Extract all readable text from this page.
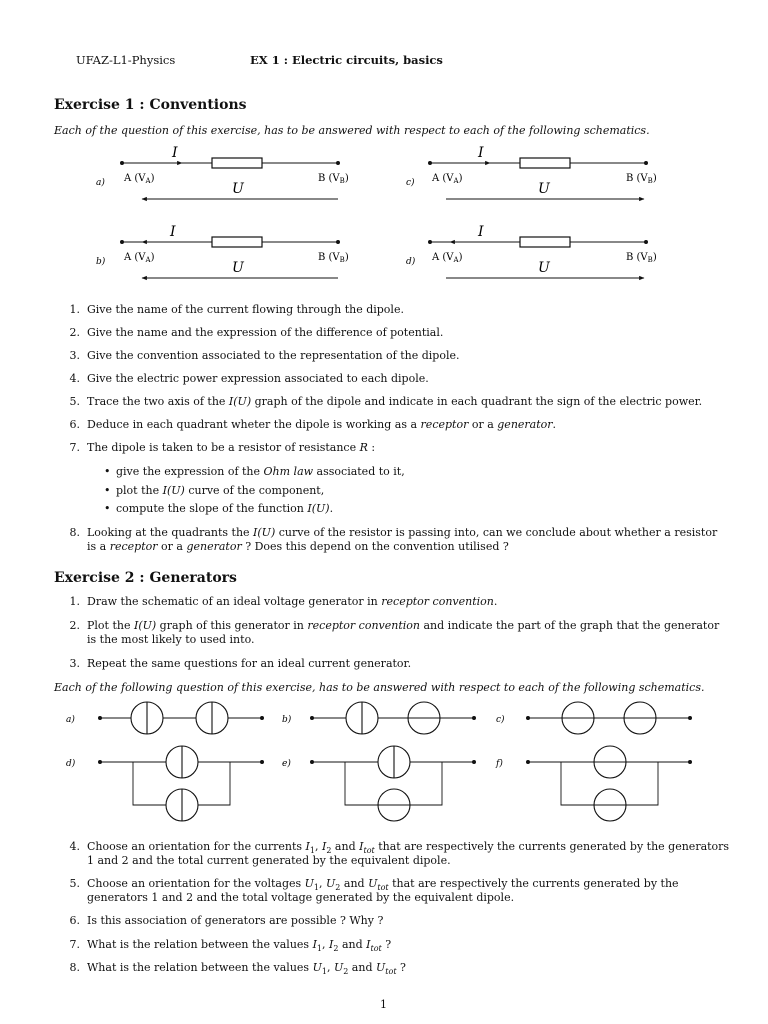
UFAZ-L1-Physics	EX 1 : Electric circuits, basics
Exercise 1 : Conventions
Each of the question of this exercise, has to be answered with respect to each of the following schematics.
a)
I
A $(V_A)$	B $(V_B)$
U	c)
I
A $(V_A)$	B $(V_B)$
U
b)
I
A $(V_A)$	B $(V_B)$
U	d)
I
A $(V_A)$	B $(V_B)$
U
1. Give the name of the current flowing through the dipole.
2. Give the name and the expression of the difference of potential.
3. Give the convention associated to the representation of the dipole.
4. Give the electric power expression associated to each dipole.
5. Trace the two axis of the I(U) graph of the dipole and indicate in each quadrant the sign of the electric power.
6. Deduce in each quadrant wheter the dipole is working as a receptor or a generator.
7. The dipole is taken to be a resistor of resistance R :
• give the expression of the Ohm law associated to it,
• plot the I(U) curve of the component,
• compute the slope of the function I(U).
8. Looking at the quadrants the I(U) curve of the resistor is passing into, can we conclude about whether a resistor
is a receptor or a generator ? Does this depend on the convention utilised ?
Exercise 2 : Generators
1. Draw the schematic of an ideal voltage generator in receptor convention.
2. Plot the I(U) graph of this generator in receptor convention and indicate the part of the graph that the generator
is the most likely to used into.
3. Repeat the same questions for an ideal current generator.
Each of the following question of this exercise, has to be answered with respect to each of the following schematics.
a)	b)	c)
d)	e)	f)
4. Choose an orientation for the currents $I_1$, $I_2$ and $I_{tot}$ that are respectively the currents generated by the generators
1 and 2 and the total current generated by the equivalent dipole.
5. Choose an orientation for the voltages $U_1$, $U_2$ and $U_{tot}$ that are respectively the currents generated by the
generators 1 and 2 and the total voltage generated by the equivalent dipole.
6. Is this association of generators are possible ? Why ?
7. What is the relation between the values $I_1$, $I_2$ and $I_{tot}$ ?
8. What is the relation between the values $U_1$, $U_2$ and $U_{tot}$ ?
1
